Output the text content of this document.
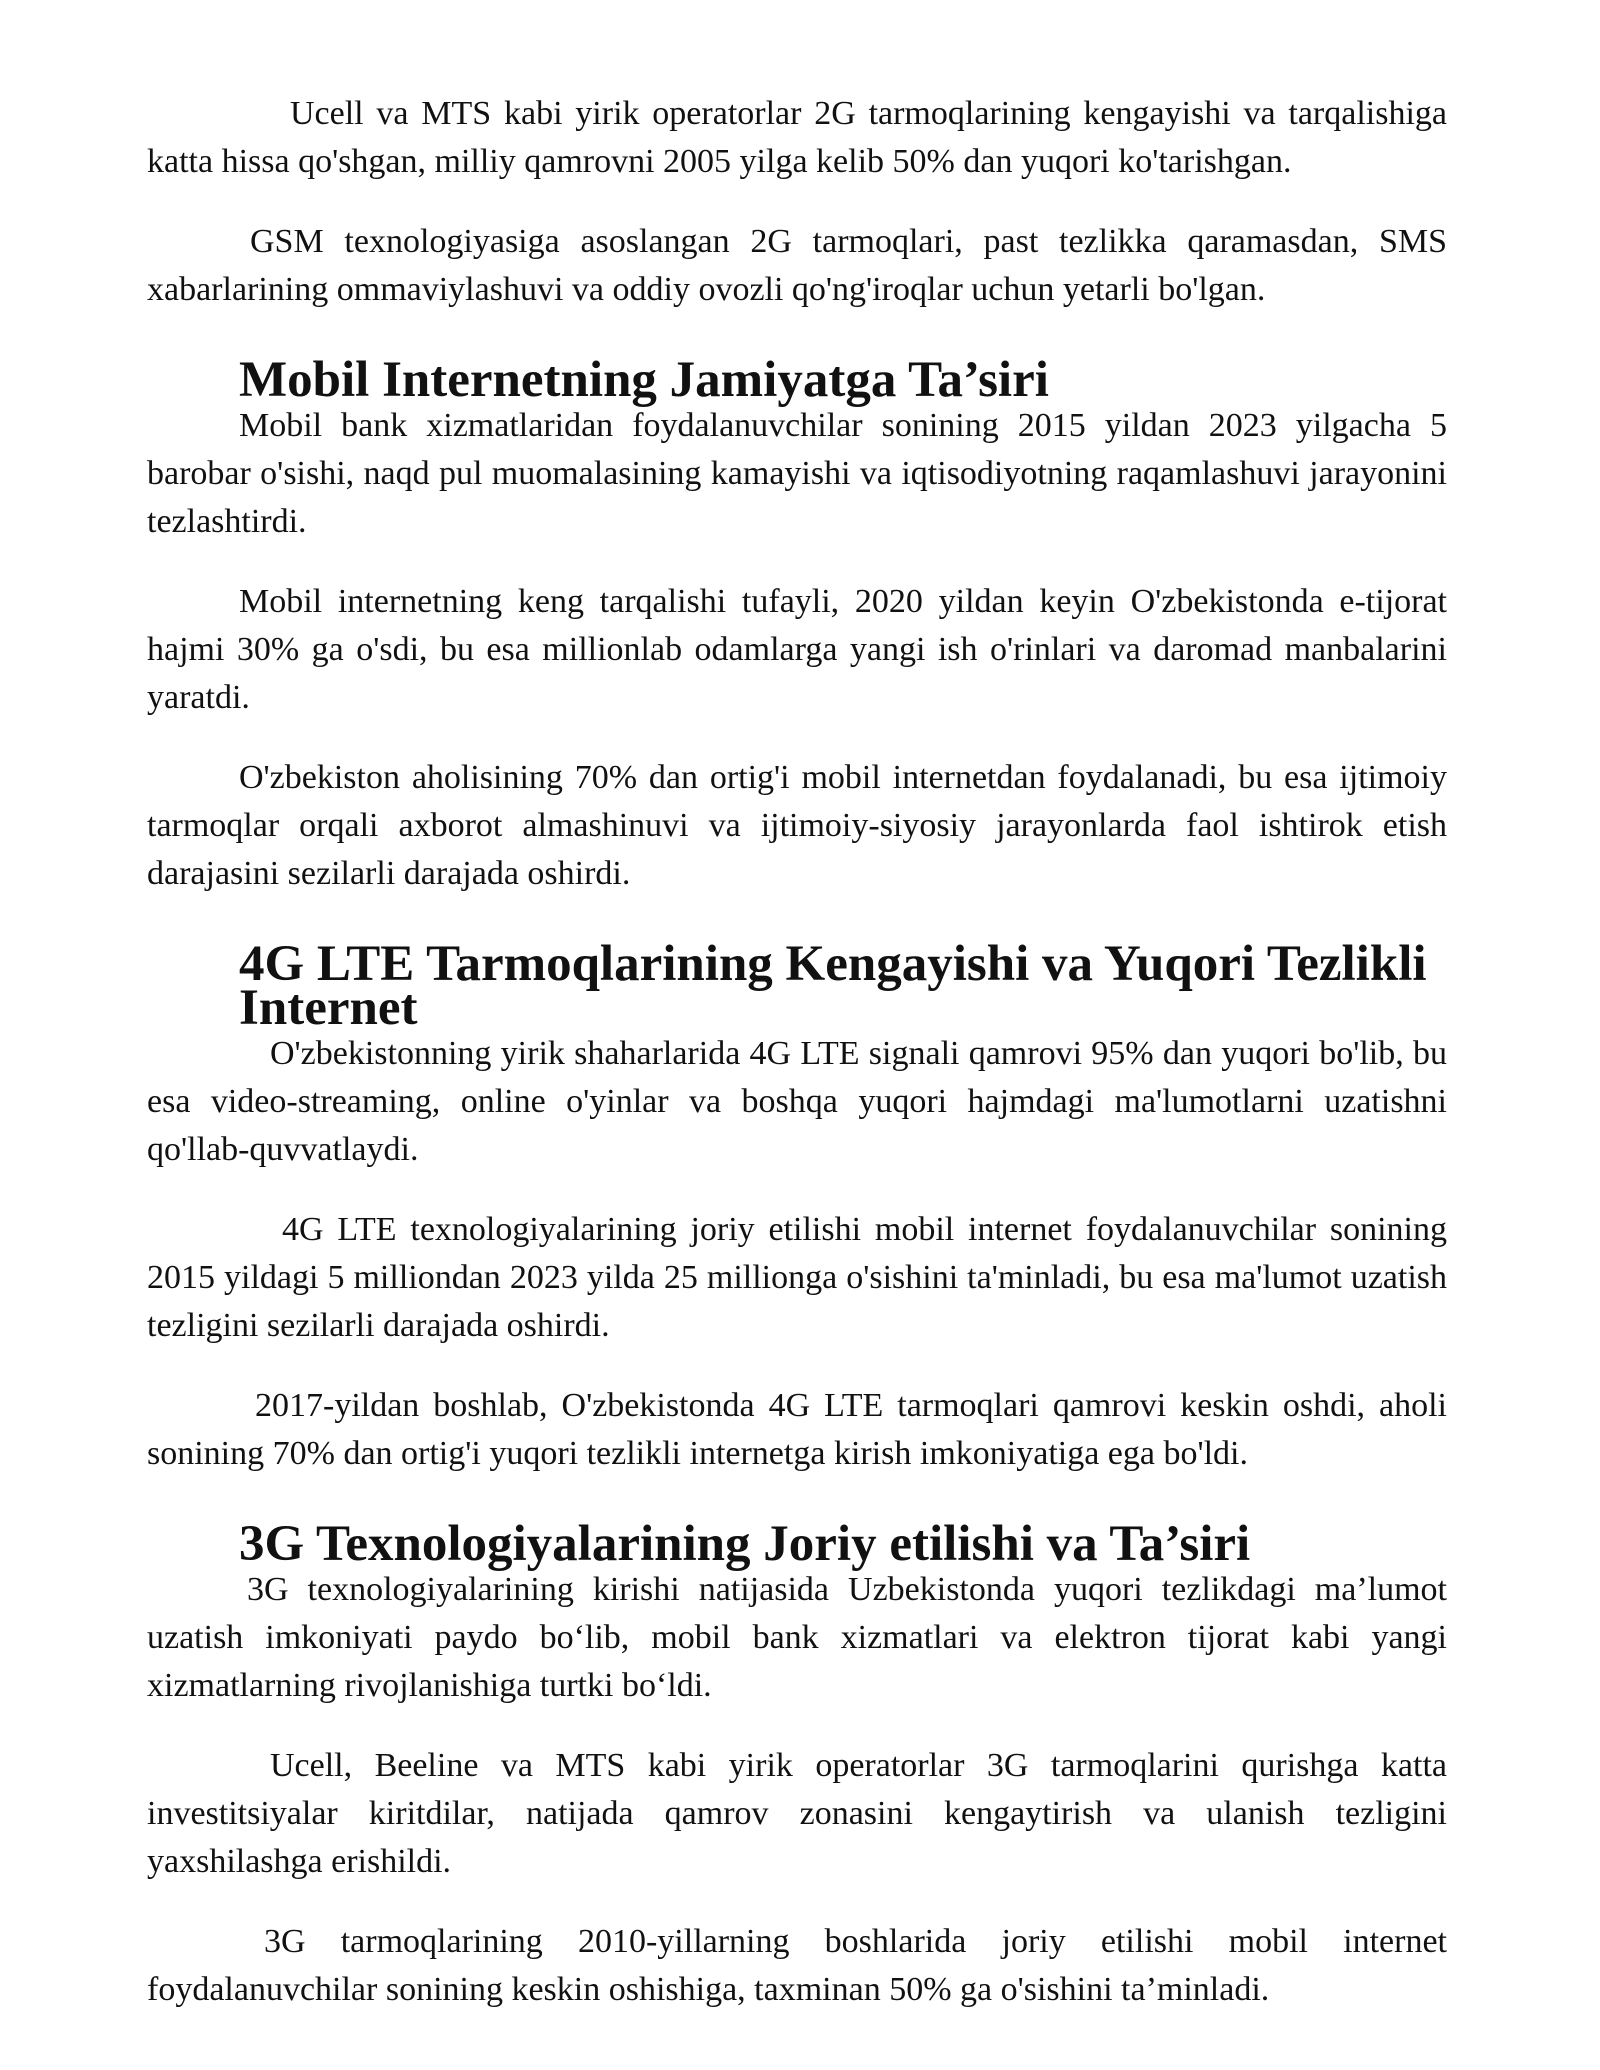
Ucell va MTS kabi yirik operatorlar 2G tarmoqlarining kengayishi va tarqalishiga katta hissa qo'shgan, milliy qamrovni 2005 yilga kelib 50% dan yuqori ko'tarishgan.

GSM texnologiyasiga asoslangan 2G tarmoqlari, past tezlikka qaramasdan, SMS xabarlarining ommaviylashuvi va oddiy ovozli qo'ng'iroqlar uchun yetarli bo'lgan.

Mobil Internetning Jamiyatga Ta’siri

Mobil bank xizmatlaridan foydalanuvchilar sonining 2015 yildan 2023 yilgacha 5 barobar o'sishi, naqd pul muomalasining kamayishi va iqtisodiyotning raqamlashuvi jarayonini tezlashtirdi.

Mobil internetning keng tarqalishi tufayli, 2020 yildan keyin O'zbekistonda e-tijorat hajmi 30% ga o'sdi, bu esa millionlab odamlarga yangi ish o'rinlari va daromad manbalarini yaratdi.

O'zbekiston aholisining 70% dan ortig'i mobil internetdan foydalanadi, bu esa ijtimoiy tarmoqlar orqali axborot almashinuvi va ijtimoiy-siyosiy jarayonlarda faol ishtirok etish darajasini sezilarli darajada oshirdi.

4G LTE Tarmoqlarining Kengayishi va Yuqori Tezlikli Internet

O'zbekistonning yirik shaharlarida 4G LTE signali qamrovi 95% dan yuqori bo'lib, bu esa video-streaming, online o'yinlar va boshqa yuqori hajmdagi ma'lumotlarni uzatishni qo'llab-quvvatlaydi.

4G LTE texnologiyalarining joriy etilishi mobil internet foydalanuvchilar sonining 2015 yildagi 5 milliondan 2023 yilda 25 millionga o'sishini ta'minladi, bu esa ma'lumot uzatish tezligini sezilarli darajada oshirdi.

2017-yildan boshlab, O'zbekistonda 4G LTE tarmoqlari qamrovi keskin oshdi, aholi sonining 70% dan ortig'i yuqori tezlikli internetga kirish imkoniyatiga ega bo'ldi.

3G Texnologiyalarining Joriy etilishi va Ta’siri

3G texnologiyalarining kirishi natijasida Uzbekistonda yuqori tezlikdagi ma’lumot uzatish imkoniyati paydo bo‘lib, mobil bank xizmatlari va elektron tijorat kabi yangi xizmatlarning rivojlanishiga turtki bo‘ldi.

Ucell, Beeline va MTS kabi yirik operatorlar 3G tarmoqlarini qurishga katta investitsiyalar kiritdilar, natijada qamrov zonasini kengaytirish va ulanish tezligini yaxshilashga erishildi.

3G tarmoqlarining 2010-yillarning boshlarida joriy etilishi mobil internet foydalanuvchilar sonining keskin oshishiga, taxminan 50% ga o'sishini ta’minladi.
